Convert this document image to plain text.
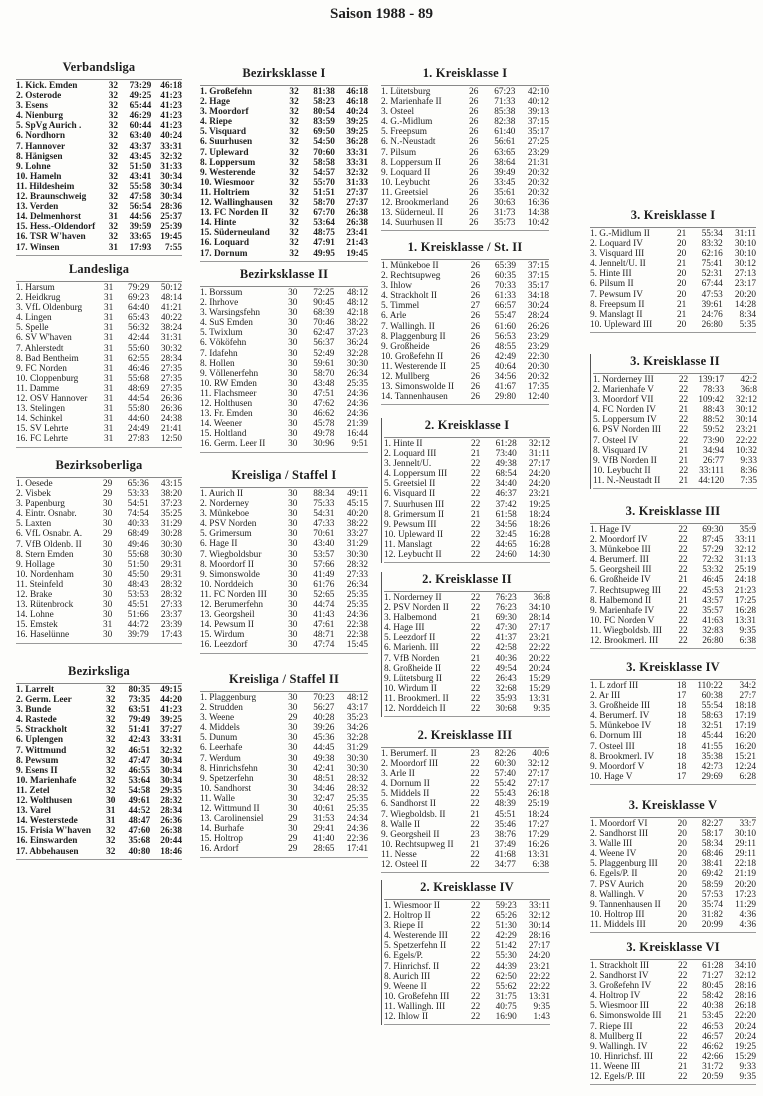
Saison 1988 - 89
Verbandsliga
1. Kick. Emden	32	73:29	46:18
2. Osterode	32	49:25	41:23
3. Esens	32	65:44	41:23
4. Nienburg	32	46:29	41:23
5. SpVg Aurich .	32	60:44	41:23
6. Nordhorn	32	63:40	40:24
7. Hannover	32	43:37	33:31
8. Hänigsen	32	43:45	32:32
9. Lohne	32	51:50	31:33
10. Hameln	32	43:41	30:34
11. Hildesheim	32	55:58	30:34
12. Braunschweig	32	47:58	30:34
13. Verden	32	56:54	28:36
14. Delmenhorst	31	44:56	25:37
15. Hess.-Oldendorf	32	39:59	25:39
16. TSR W'haven	32	33:65	19:45
17. Winsen	31	17:93	7:55
Landesliga
1. Harsum	31	79:29	50:12
2. Heidkrug	31	69:23	48:14
3. VfL Oldenburg	31	64:40	41:21
4. Lingen	31	65:43	40:22
5. Spelle	31	56:32	38:24
6. SV W'haven	31	42:44	31:31
7. Ahlerstedt	31	55:60	30:32
8. Bad Bentheim	31	62:55	28:34
9. FC Norden	31	46:46	27:35
10. Cloppenburg	31	55:68	27:35
11. Damme	31	48:69	27:35
12. OSV Hannover	31	44:54	26:36
13. Stelingen	31	55:80	26:36
14. Schinkel	31	44:60	24:38
15. SV Lehrte	31	24:49	21:41
16. FC Lehrte	31	27:83	12:50
Bezirksoberliga
1. Oesede	29	65:36	43:15
2. Visbek	29	53:33	38:20
3. Papenburg	30	54:51	37:23
4. Eintr. Osnabr.	30	74:54	35:25
5. Laxten	30	40:33	31:29
6. VfL Osnabr. A.	29	68:49	30:28
7. VfB Oldenb. II	30	49:46	30:30
8. Stern Emden	30	55:68	30:30
9. Hollage	30	51:50	29:31
10. Nordenham	30	45:50	29:31
11. Steinfeld	30	48:43	28:32
12. Brake	30	53:53	28:32
13. Rütenbrock	30	45:51	27:33
14. Lohne	30	51:66	23:37
15. Emstek	31	44:72	23:39
16. Haselünne	30	39:79	17:43
Bezirksliga
1. Larrelt	32	80:35	49:15
2. Germ. Leer	32	73:35	44:20
3. Bunde	32	63:51	41:23
4. Rastede	32	79:49	39:25
5. Strackholt	32	51:41	37:27
6. Uplengen	32	42:43	33:31
7. Wittmund	32	46:51	32:32
8. Pewsum	32	47:47	30:34
9. Esens II	32	46:55	30:34
10. Marienhafe	32	53:64	30:34
11. Zetel	32	54:58	29:35
12. Wolthusen	30	49:61	28:32
13. Varel	31	44:52	28:34
14. Westerstede	31	48:47	26:36
15. Frisia W'haven	32	47:60	26:38
16. Einswarden	32	35:68	20:44
17. Abbehausen	32	40:80	18:46
Bezirksklasse I
1. Großefehn	32	81:38	46:18
2. Hage	32	58:23	46:18
3. Moordorf	32	80:54	40:24
4. Riepe	32	83:59	39:25
5. Visquard	32	69:50	39:25
6. Suurhusen	32	54:50	36:28
7. Upleward	32	70:60	33:31
8. Loppersum	32	58:58	33:31
9. Westerende	32	54:57	32:32
10. Wiesmoor	32	55:70	31:33
11. Holtriem	32	51:51	27:37
12. Wallinghausen	32	58:70	27:37
13. FC Norden II	32	67:70	26:38
14. Hinte	32	53:64	26:38
15. Süderneuland	32	48:75	23:41
16. Loquard	32	47:91	21:43
17. Dornum	32	49:95	19:45
Bezirksklasse II
1. Borssum	30	72:25	48:12
2. Ihrhove	30	90:45	48:12
3. Warsingsfehn	30	68:39	42:18
4. SuS Emden	30	70:46	38:22
5. Twixlum	30	62:47	37:23
6. Vököfehn	30	56:37	36:24
7. Idafehn	30	52:49	32:28
8. Hollen	30	59:61	30:30
9. Völlenerfehn	30	58:70	26:34
10. RW Emden	30	43:48	25:35
11. Flachsmeer	30	47:51	24:36
12. Holthusen	30	47:62	24:36
13. Fr. Emden	30	46:62	24:36
14. Weener	30	45:78	21:39
15. Holtland	30	49:78	16:44
16. Germ. Leer II	30	30:96	9:51
Kreisliga / Staffel I
1. Aurich II	30	88:34	49:11
2. Norderney	30	75:33	45:15
3. Münkeboe	30	54:31	40:20
4. PSV Norden	30	47:33	38:22
5. Grimersum	30	70:61	33:27
6. Hage II	30	43:40	31:29
7. Wiegboldsbur	30	53:57	30:30
8. Moordorf II	30	57:66	28:32
9. Simonswolde	30	41:49	27:33
10. Norddeich	30	61:76	26:34
11. FC Norden III	30	52:65	25:35
12. Berumerfehn	30	44:74	25:35
13. Georgsheil	30	41:43	24:36
14. Pewsum II	30	47:61	22:38
15. Wirdum	30	48:71	22:38
16. Leezdorf	30	47:74	15:45
Kreisliga / Staffel II
1. Plaggenburg	30	70:23	48:12
2. Strudden	30	56:27	43:17
3. Weene	29	40:28	35:23
4. Middels	30	39:26	34:26
5. Dunum	30	45:36	32:28
6. Leerhafe	30	44:45	31:29
7. Werdum	30	49:38	30:30
8. Hinrichsfehn	30	42:41	30:30
9. Spetzerfehn	30	48:51	28:32
10. Sandhorst	30	34:46	28:32
11. Walle	30	32:47	25:35
12. Wittmund II	30	40:61	25:35
13. Carolinensiel	29	31:53	24:34
14. Burhafe	30	29:41	24:36
15. Holtrop	29	41:40	22:36
16. Ardorf	29	28:65	17:41
1. Kreisklasse I
1. Lütetsburg	26	67:23	42:10
2. Marienhafe II	26	71:33	40:12
3. Osteel	26	85:38	39:13
4. G.-Midlum	26	82:38	37:15
5. Freepsum	26	61:40	35:17
6. N.-Neustadt	26	56:61	27:25
7. Pilsum	26	63:65	23:29
8. Loppersum II	26	38:64	21:31
9. Loquard II	26	39:49	20:32
10. Leybucht	26	33:45	20:32
11. Greetsiel	26	35:61	20:32
12. Brookmerland	26	30:63	16:36
13. Süderneul. II	26	31:73	14:38
14. Suurhusen II	26	35:73	10:42
1. Kreisklasse / St. II
1. Münkeboe II	26	65:39	37:15
2. Rechtsupweg	26	60:35	37:15
3. Ihlow	26	70:33	35:17
4. Strackholt II	26	61:33	34:18
5. Timmel	27	66:57	30:24
6. Arle	26	55:47	28:24
7. Wallingh. II	26	61:60	26:26
8. Plaggenburg II	26	56:53	23:29
9. Großheide	26	48:55	23:29
10. Großefehn II	26	42:49	22:30
11. Westerende II	25	40:64	20:30
12. Mullberg	26	34:56	20:32
13. Simonswolde II	26	41:67	17:35
14. Tannenhausen	26	29:80	12:40
2. Kreisklasse I
1. Hinte II	22	61:28	32:12
2. Loquard III	21	73:40	31:11
3. Jennelt/U.	22	49:38	27:17
4. Loppersum III	22	68:54	24:20
5. Greetsiel II	22	34:40	24:20
6. Visquard II	22	46:37	23:21
7. Suurhusen III	22	37:42	19:25
8. Grimersum II	21	61:58	18:24
9. Pewsum III	22	34:56	18:26
10. Upleward II	22	32:45	16:28
11. Manslagt	22	44:65	16:28
12. Leybucht II	22	24:60	14:30
2. Kreisklasse II
1. Norderney II	22	76:23	36:8
2. PSV Norden II	22	76:23	34:10
3. Halbemond	21	69:30	28:14
4. Hage III	22	47:30	27:17
5. Leezdorf II	22	41:37	23:21
6. Marienh. III	22	42:58	22:22
7. VfB Norden	21	40:36	20:22
8. Großheide II	22	49:54	20:24
9. Lütetsburg II	22	26:43	15:29
10. Wirdum II	22	32:68	15:29
11. Brookmerl. II	22	35:93	13:31
12. Norddeich II	22	30:68	9:35
2. Kreisklasse III
1. Berumerf. II	23	82:26	40:6
2. Moordorf III	22	60:30	32:12
3. Arle II	22	57:40	27:17
4. Dornum II	22	55:42	27:17
5. Middels II	22	55:43	26:18
6. Sandhorst II	22	48:39	25:19
7. Wiegboldsb. II	21	45:51	18:24
8. Walle II	22	35:46	17:27
9. Georgsheil II	23	38:76	17:29
10. Rechtsupweg II	21	37:49	16:26
11. Nesse	22	41:68	13:31
12. Osteel II	22	34:77	6:38
2. Kreisklasse IV
1. Wiesmoor II	22	59:23	33:11
2. Holtrop II	22	65:26	32:12
3. Riepe II	22	51:30	30:14
4. Westerende III	22	42:29	28:16
5. Spetzerfehn II	22	51:42	27:17
6. Egels/P.	22	55:30	24:20
7. Hinrichsf. II	22	44:39	23:21
8. Aurich III	22	62:50	22:22
9. Weene II	22	55:62	22:22
10. Großefehn III	22	31:75	13:31
11. Wallingh. III	22	40:75	9:35
12. Ihlow II	22	16:90	1:43
3. Kreisklasse I
1. G.-Midlum II	21	55:34	31:11
2. Loquard IV	20	83:32	30:10
3. Visquard III	20	62:16	30:10
4. Jennelt/U. II	21	75:41	30:12
5. Hinte III	20	52:31	27:13
6. Pilsum II	20	67:44	23:17
7. Pewsum IV	20	47:53	20:20
8. Freepsum II	21	39:61	14:28
9. Manslagt II	21	24:76	8:34
10. Upleward III	20	26:80	5:35
3. Kreisklasse II
1. Norderney III	22	139:17	42:2
2. Marienhafe V	22	78:33	36:8
3. Moordorf VII	22	109:42	32:12
4. FC Norden IV	21	88:43	30:12
5. Loppersum IV	22	88:52	30:14
6. PSV Norden III	22	59:52	23:21
7. Osteel IV	22	73:90	22:22
8. Visquard IV	21	34:94	10:32
9. VfB Norden II	21	26:77	9:33
10. Leybucht II	22	33:111	8:36
11. N.-Neustadt II	21	44:120	7:35
3. Kreisklasse III
1. Hage IV	22	69:30	35:9
2. Moordorf IV	22	87:45	33:11
3. Münkeboe III	22	57:29	32:12
4. Berumerf. III	22	72:32	31:13
5. Georgsheil III	22	53:32	25:19
6. Großheide IV	21	46:45	24:18
7. Rechtsupweg III	22	45:53	21:23
8. Halbemond II	21	43:57	17:25
9. Marienhafe IV	22	35:57	16:28
10. FC Norden V	22	41:63	13:31
11. Wiegboldsb. III	22	32:83	9:35
12. Brookmerl. III	22	26:80	6:38
3. Kreisklasse IV
1. L zdorf III	18	110:22	34:2
2. Ar III	17	60:38	27:7
3. Großheide III	18	55:54	18:18
4. Berumerf. IV	18	58:63	17:19
5. Münkeboe IV	18	32:51	17:19
6. Dornum III	18	45:44	16:20
7. Osteel III	18	41:55	16:20
8. Brookmerl. IV	18	35:38	15:21
9. Moordorf V	18	42:73	12:24
10. Hage V	17	29:69	6:28
3. Kreisklasse V
1. Moordorf VI	20	82:27	33:7
2. Sandhorst III	20	58:17	30:10
3. Walle III	20	58:34	29:11
4. Weene IV	20	68:46	29:11
5. Plaggenburg III	20	38:41	22:18
6. Egels/P. II	20	69:42	21:19
7. PSV Aurich	20	58:59	20:20
8. Wallingh. V	20	57:53	17:23
9. Tannenhausen II	20	35:74	11:29
10. Holtrop III	20	31:82	4:36
11. Middels III	20	20:99	4:36
3. Kreisklasse VI
1. Strackholt III	22	61:28	34:10
2. Sandhorst IV	22	71:27	32:12
3. Großefehn IV	22	80:45	28:16
4. Holtrop IV	22	58:42	28:16
5. Wiesmoor III	22	40:38	26:18
6. Simonswolde III	21	53:45	22:20
7. Riepe III	22	46:53	20:24
8. Mullberg II	22	46:57	20:24
9. Wallingh. IV	22	46:62	19:25
10. Hinrichsf. III	22	42:66	15:29
11. Weene III	21	31:72	9:33
12. Egels/P. III	22	20:59	9:35
